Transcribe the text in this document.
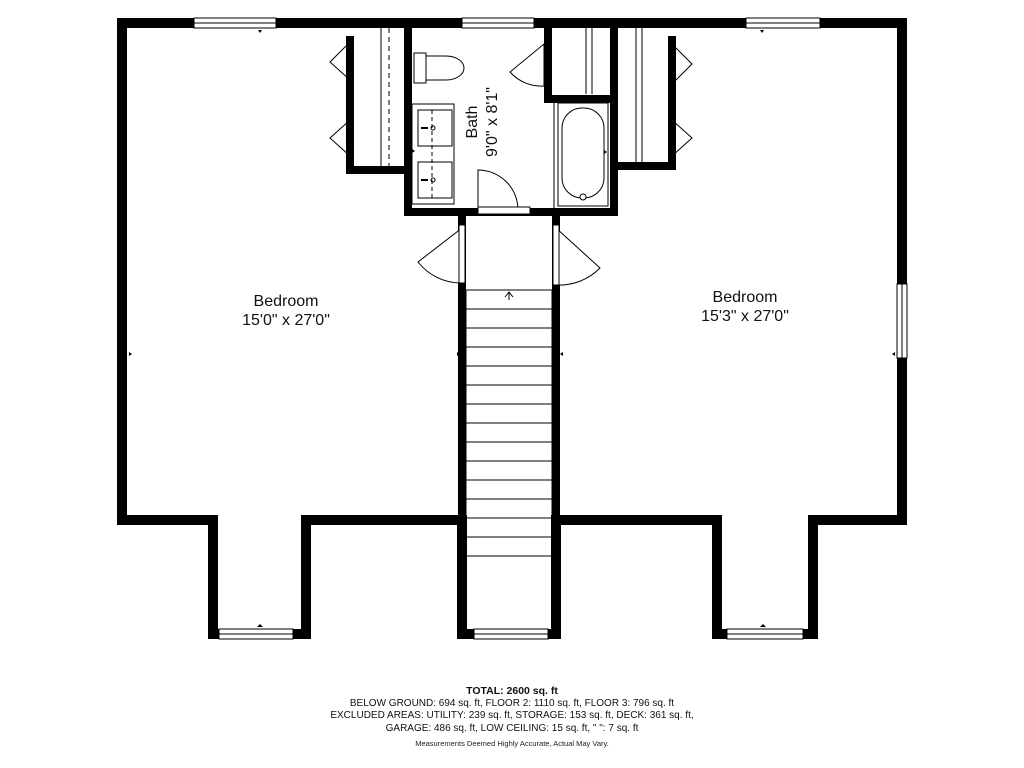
Bedroom
15'0" x 27'0"
Bedroom
15'3" x 27'0"
Bath 9'0" x 8'1"
TOTAL: 2600 sq. ft
BELOW GROUND: 694 sq. ft, FLOOR 2: 1110 sq. ft, FLOOR 3: 796 sq. ft
EXCLUDED AREAS: UTILITY: 239 sq. ft, STORAGE: 153 sq. ft, DECK: 361 sq. ft,
GARAGE: 486 sq. ft, LOW CEILING: 15 sq. ft, " ": 7 sq. ft
Measurements Deemed Highly Accurate, Actual May Vary.
